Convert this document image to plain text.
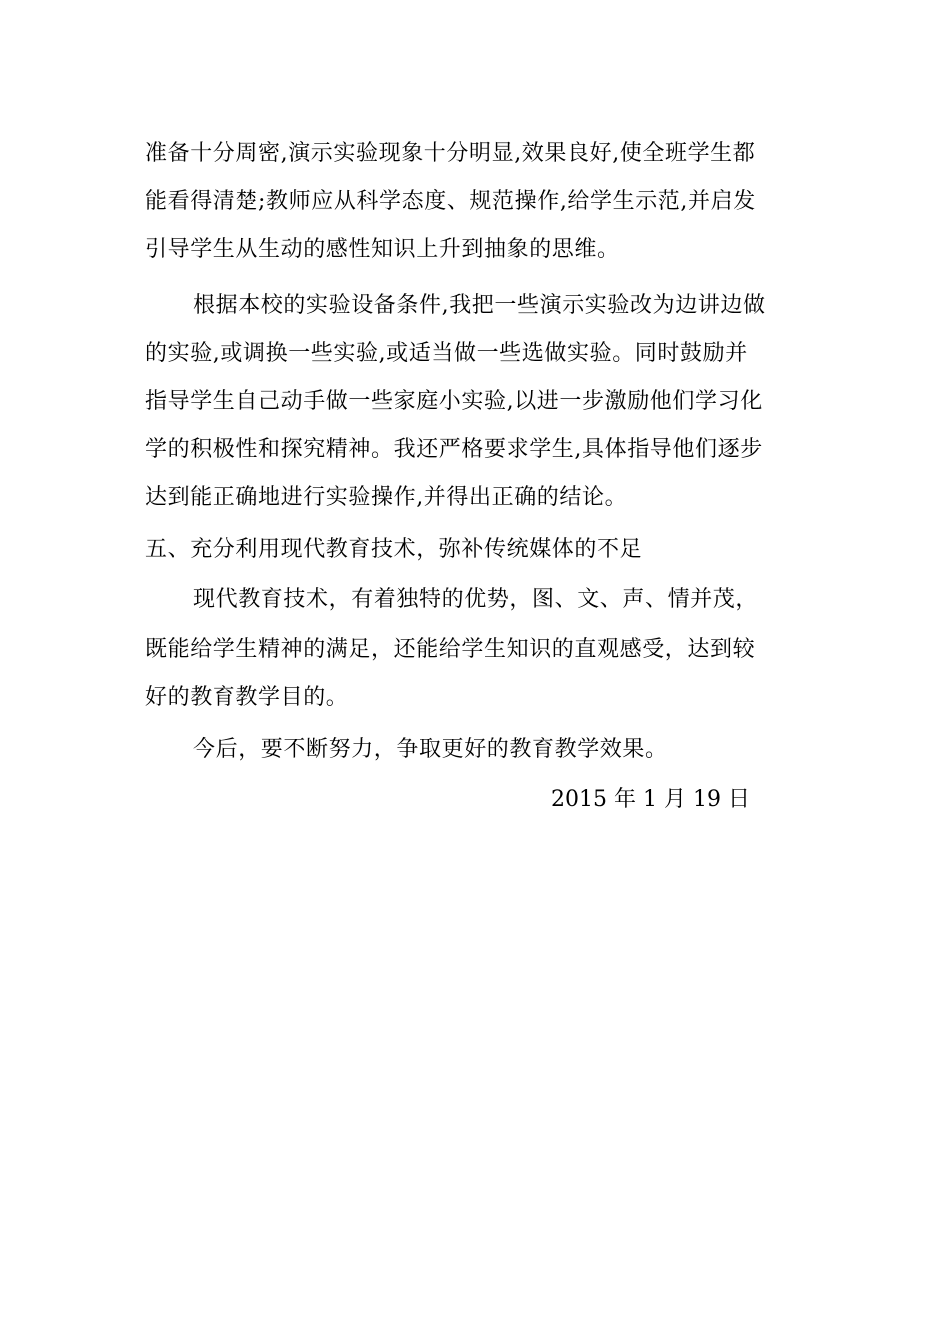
准备十分周密,演示实验现象十分明显,效果良好,使全班学生都

能看得清楚;教师应从科学态度、规范操作,给学生示范,并启发

引导学生从生动的感性知识上升到抽象的思维。

根据本校的实验设备条件,我把一些演示实验改为边讲边做

的实验,或调换一些实验,或适当做一些选做实验。同时鼓励并

指导学生自己动手做一些家庭小实验,以进一步激励他们学习化

学的积极性和探究精神。我还严格要求学生,具体指导他们逐步

达到能正确地进行实验操作,并得出正确的结论。

五、充分利用现代教育技术，弥补传统媒体的不足

现代教育技术，有着独特的优势，图、文、声、情并茂，

既能给学生精神的满足，还能给学生知识的直观感受，达到较

好的教育教学目的。

今后，要不断努力，争取更好的教育教学效果。

2015 年 1 月 19 日
